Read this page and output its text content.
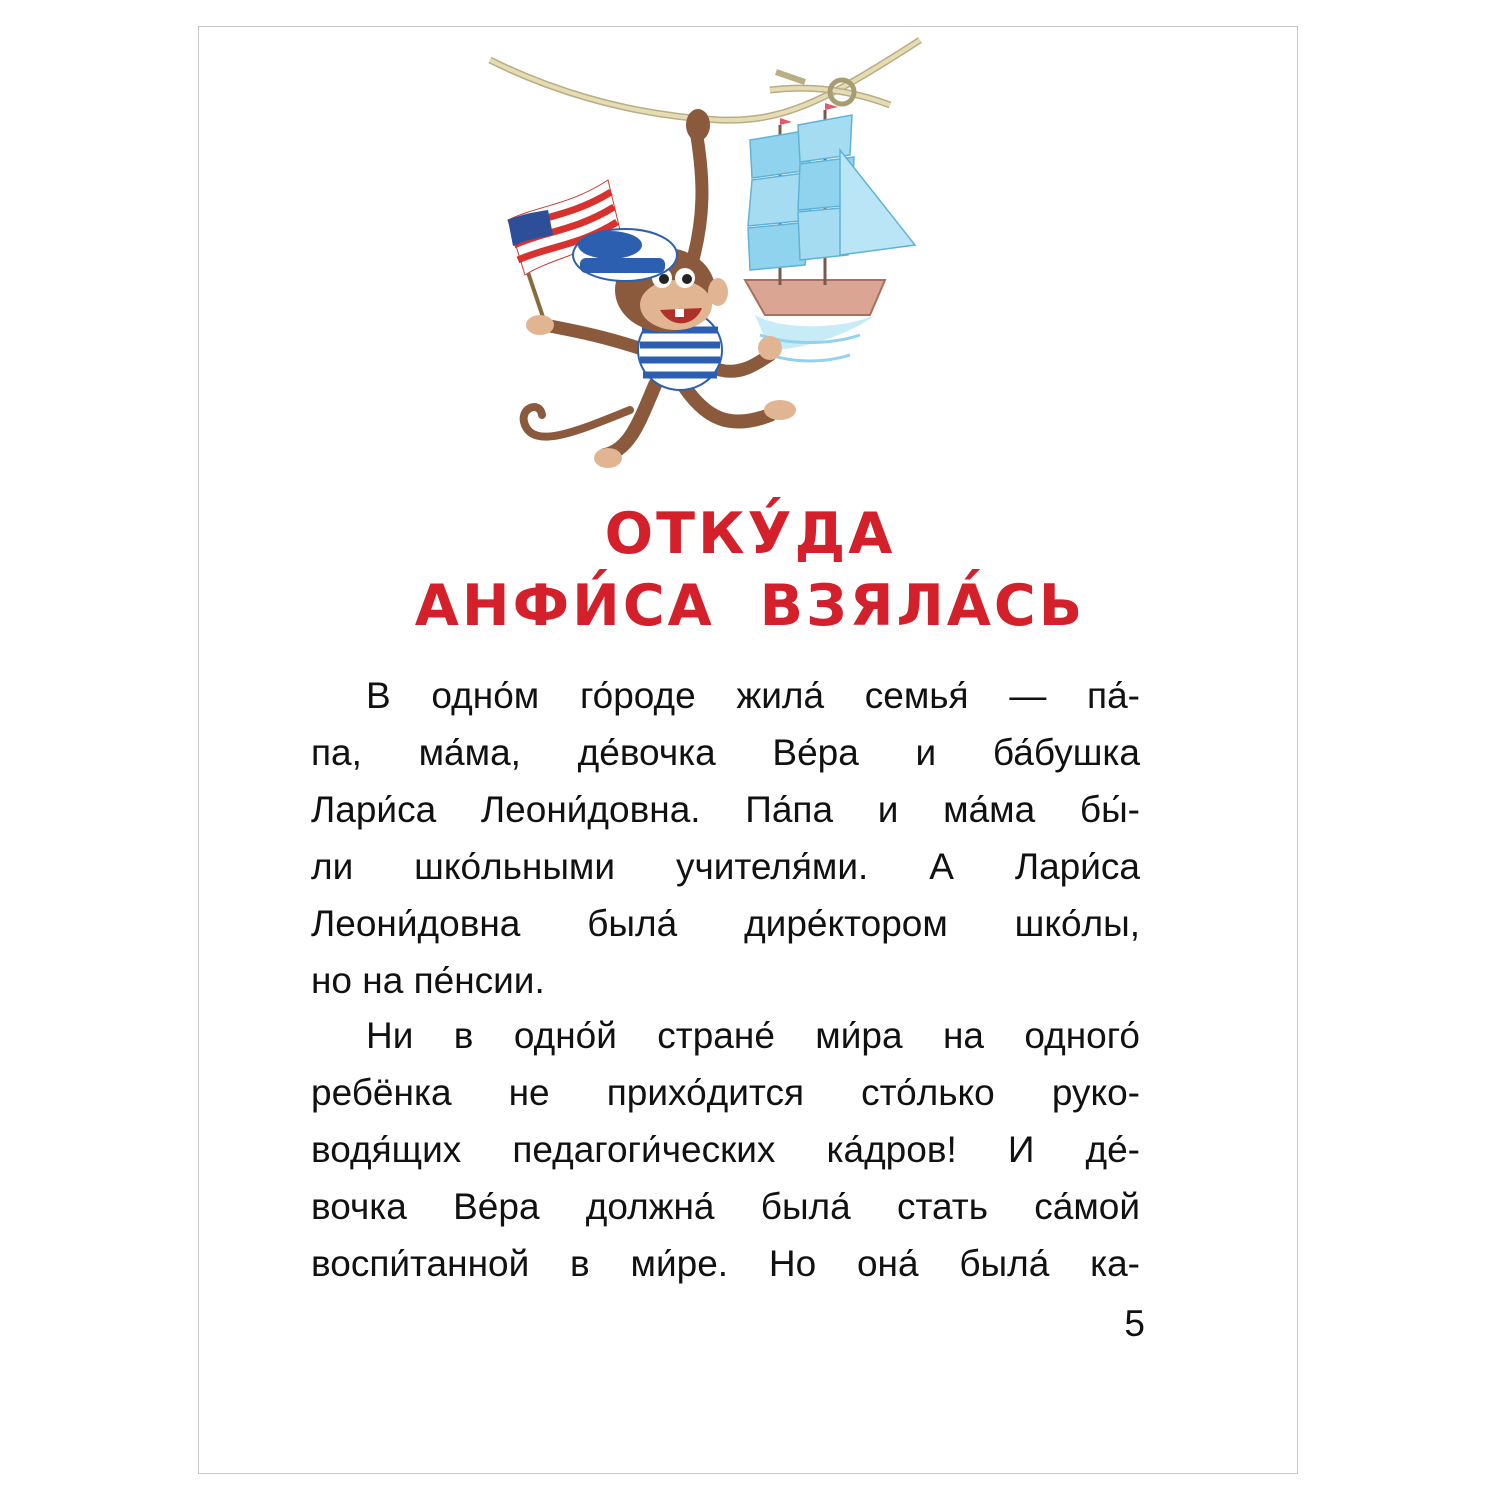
ОТКУ́ДА
АНФИ́СА ВЗЯЛА́СЬ
В одно́м го́роде жила́ семья́ — па́-
па, ма́ма, де́вочка Ве́ра и ба́бушка
Лари́са Леони́довна. Па́па и ма́ма бы́-
ли шко́льными учителя́ми. А Лари́са
Леони́довна была́ дире́ктором шко́лы,
но на пе́нсии.
Ни в одно́й стране́ ми́ра на одного́
ребёнка не прихо́дится сто́лько руко-
водя́щих педагоги́ческих ка́дров! И де́-
вочка Ве́ра должна́ была́ стать са́мой
воспи́танной в ми́ре. Но она́ была́ ка-
5
